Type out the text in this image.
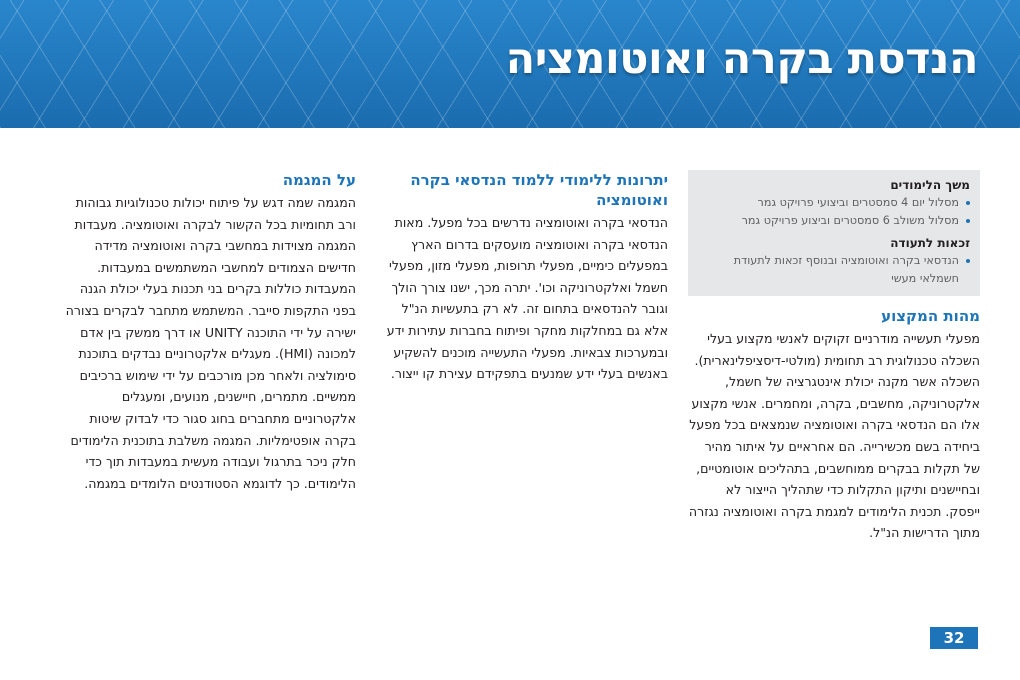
הנדסת בקרה ואוטומציה
משך הלימודים
מסלול יום 4 סמסטרים וביצועי פרויקט גמר
מסלול משולב 6 סמסטרים וביצוע פרויקט גמר
זכאות לתעודה
הנדסאי בקרה ואוטומציה ובנוסף זכאות לתעודת חשמלאי מעשי
מהות המקצוע

מפעלי תעשייה מודרניים זקוקים לאנשי מקצוע בעלי השכלה טכנולוגית רב תחומית (מולטי-דיסציפלינארית). השכלה אשר מקנה יכולת אינטגרציה של חשמל, אלקטרוניקה, מחשבים, בקרה, ומחמרים. אנשי מקצוע אלו הם הנדסאי בקרה ואוטומציה שנמצאים בכל מפעל ביחידה בשם מכשירייה. הם אחראיים על איתור מהיר של תקלות בבקרים ממוחשבים, בתהליכים אוטומטיים, ובחיישנים ותיקון התקלות כדי שתהליך הייצור לא ייפסק. תכנית הלימודים למגמת בקרה ואוטומציה נגזרה מתוך הדרישות הנ"ל.

יתרונות ללימודי ללמוד הנדסאי בקרה ואוטומציה

הנדסאי בקרה ואוטומציה נדרשים בכל מפעל. מאות הנדסאי בקרה ואוטומציה מועסקים בדרום הארץ במפעלים כימיים, מפעלי תרופות, מפעלי מזון, מפעלי חשמל ואלקטרוניקה וכו'. יתרה מכך, ישנו צורך הולך וגובר להנדסאים בתחום זה. לא רק בתעשיות הנ"ל אלא גם במחלקות מחקר ופיתוח בחברות עתירות ידע ובמערכות צבאיות. מפעלי התעשייה מוכנים להשקיע באנשים בעלי ידע שמנעים בתפקידם עצירת קו ייצור.

על המגמה

המגמה שמה דגש על פיתוח יכולות טכנולוגיות גבוהות ורב תחומיות בכל הקשור לבקרה ואוטומציה. מעבדות המגמה מצוידות במחשבי בקרה ואוטומציה מדידה חדישים הצמודים למחשבי המשתמשים במעבדות. המעבדות כוללות בקרים בני תכנות בעלי יכולת הגנה בפני התקפות סייבר. המשתמש מתחבר לבקרים בצורה ישירה על ידי התוכנה UNITY או דרך ממשק בין אדם למכונה (HMI). מעגלים אלקטרוניים נבדקים בתוכנת סימולציה ולאחר מכן מורכבים על ידי שימוש ברכיבים ממשיים. מתמרים, חיישנים, מנועים, ומעגלים אלקטרוניים מתחברים בחוג סגור כדי לבדוק שיטות בקרה אופטימליות. המגמה משלבת בתוכנית הלימודים חלק ניכר בתרגול ועבודה מעשית במעבדות תוך כדי הלימודים. כך לדוגמא הסטודנטים הלומדים במגמה.

32
